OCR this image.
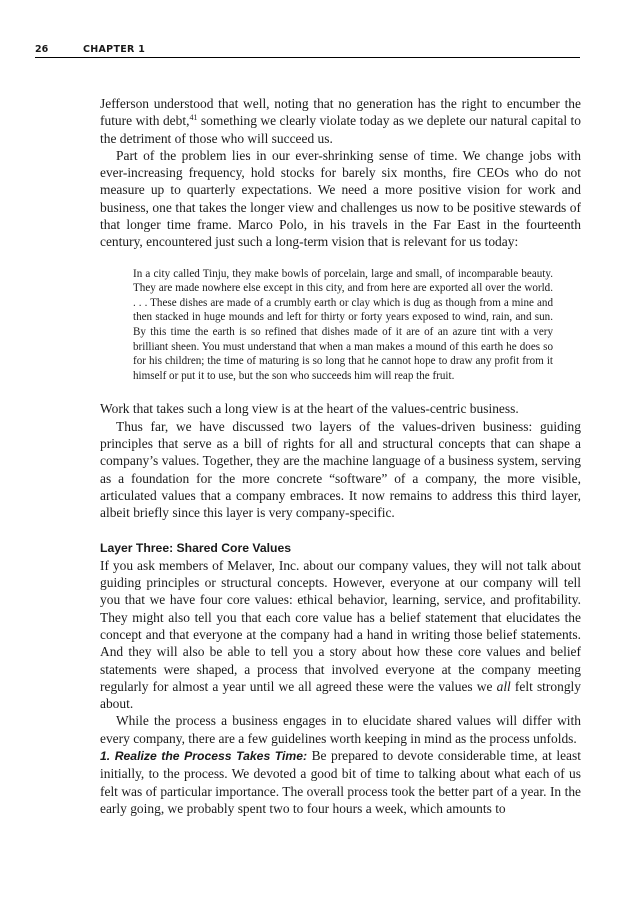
26	CHAPTER 1

Jefferson understood that well, noting that no generation has the right to encumber the future with debt,$^{41}$ something we clearly violate today as we deplete our natural capital to the detriment of those who will succeed us.

Part of the problem lies in our ever-shrinking sense of time. We change jobs with ever-increasing frequency, hold stocks for barely six months, fire CEOs who do not measure up to quarterly expectations. We need a more positive vision for work and business, one that takes the longer view and challenges us now to be positive stewards of that longer time frame. Marco Polo, in his travels in the Far East in the fourteenth century, encountered just such a long-term vision that is relevant for us today:

In a city called Tinju, they make bowls of porcelain, large and small, of incomparable beauty. They are made nowhere else except in this city, and from here are exported all over the world. . . . These dishes are made of a crumbly earth or clay which is dug as though from a mine and then stacked in huge mounds and left for thirty or forty years exposed to wind, rain, and sun. By this time the earth is so refined that dishes made of it are of an azure tint with a very brilliant sheen. You must understand that when a man makes a mound of this earth he does so for his children; the time of maturing is so long that he cannot hope to draw any profit from it himself or put it to use, but the son who succeeds him will reap the fruit.

Work that takes such a long view is at the heart of the values-centric business.

Thus far, we have discussed two layers of the values-driven business: guiding principles that serve as a bill of rights for all and structural concepts that can shape a company’s values. Together, they are the machine language of a business system, serving as a foundation for the more concrete “software” of a company, the more visible, articulated values that a company embraces. It now remains to address this third layer, albeit briefly since this layer is very company-specific.

Layer Three: Shared Core Values

If you ask members of Melaver, Inc. about our company values, they will not talk about guiding principles or structural concepts. However, everyone at our company will tell you that we have four core values: ethical behavior, learning, service, and profitability. They might also tell you that each core value has a belief statement that elucidates the concept and that everyone at the company had a hand in writing those belief statements. And they will also be able to tell you a story about how these core values and belief statements were shaped, a process that involved everyone at the company meeting regularly for almost a year until we all agreed these were the values we all felt strongly about.

While the process a business engages in to elucidate shared values will differ with every company, there are a few guidelines worth keeping in mind as the process unfolds.

1. Realize the Process Takes Time: Be prepared to devote considerable time, at least initially, to the process. We devoted a good bit of time to talking about what each of us felt was of particular importance. The overall process took the better part of a year. In the early going, we probably spent two to four hours a week, which amounts to
